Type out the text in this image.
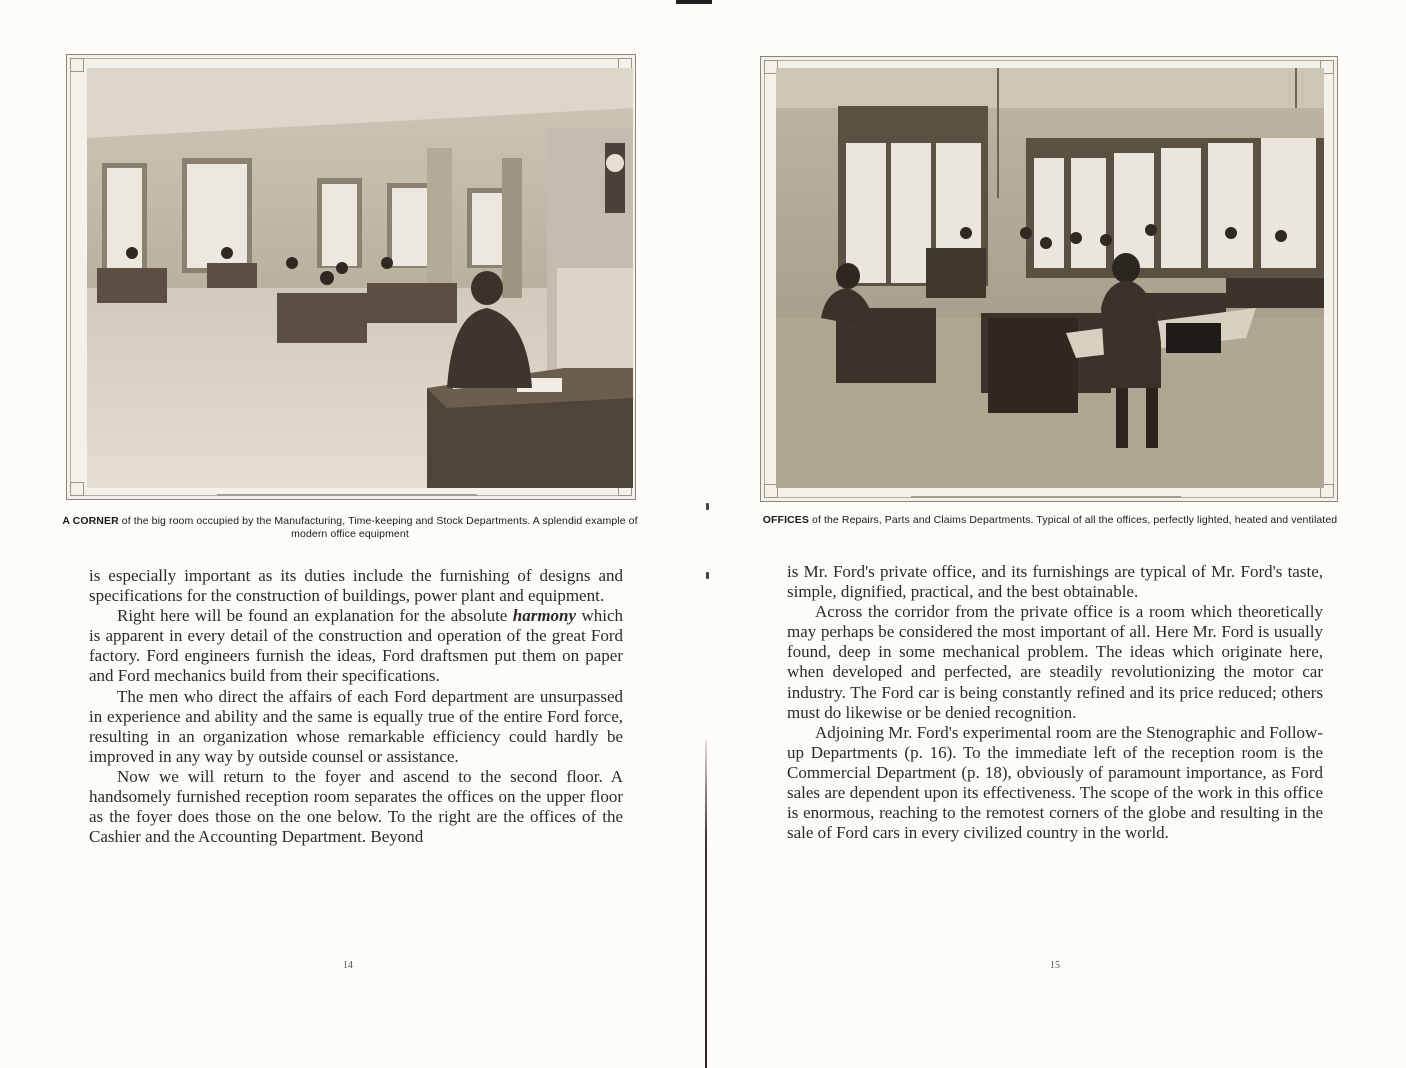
A CORNER of the big room occupied by the Manufacturing, Time-keeping and Stock Departments. A splendid example of modern office equipment

is especially important as its duties include the furnishing of designs and specifications for the construction of buildings, power plant and equipment.

Right here will be found an explanation for the absolute harmony which is apparent in every detail of the construction and operation of the great Ford factory. Ford engineers furnish the ideas, Ford draftsmen put them on paper and Ford mechanics build from their specifications.

The men who direct the affairs of each Ford department are unsurpassed in experience and ability and the same is equally true of the entire Ford force, resulting in an organization whose remarkable efficiency could hardly be improved in any way by outside counsel or assistance.

Now we will return to the foyer and ascend to the second floor. A handsomely furnished reception room separates the offices on the upper floor as the foyer does those on the one below. To the right are the offices of the Cashier and the Accounting Department. Beyond

14
OFFICES of the Repairs, Parts and Claims Departments. Typical of all the offices, perfectly lighted, heated and ventilated

is Mr. Ford's private office, and its furnishings are typical of Mr. Ford's taste, simple, dignified, practical, and the best obtainable.

Across the corridor from the private office is a room which theoretically may perhaps be considered the most important of all. Here Mr. Ford is usually found, deep in some mechanical problem. The ideas which originate here, when developed and perfected, are steadily revolutionizing the motor car industry. The Ford car is being constantly refined and its price reduced; others must do likewise or be denied recognition.

Adjoining Mr. Ford's experimental room are the Stenographic and Follow-up Departments (p. 16). To the immediate left of the reception room is the Commercial Department (p. 18), obviously of paramount importance, as Ford sales are dependent upon its effectiveness. The scope of the work in this office is enormous, reaching to the remotest corners of the globe and resulting in the sale of Ford cars in every civilized country in the world.

15
